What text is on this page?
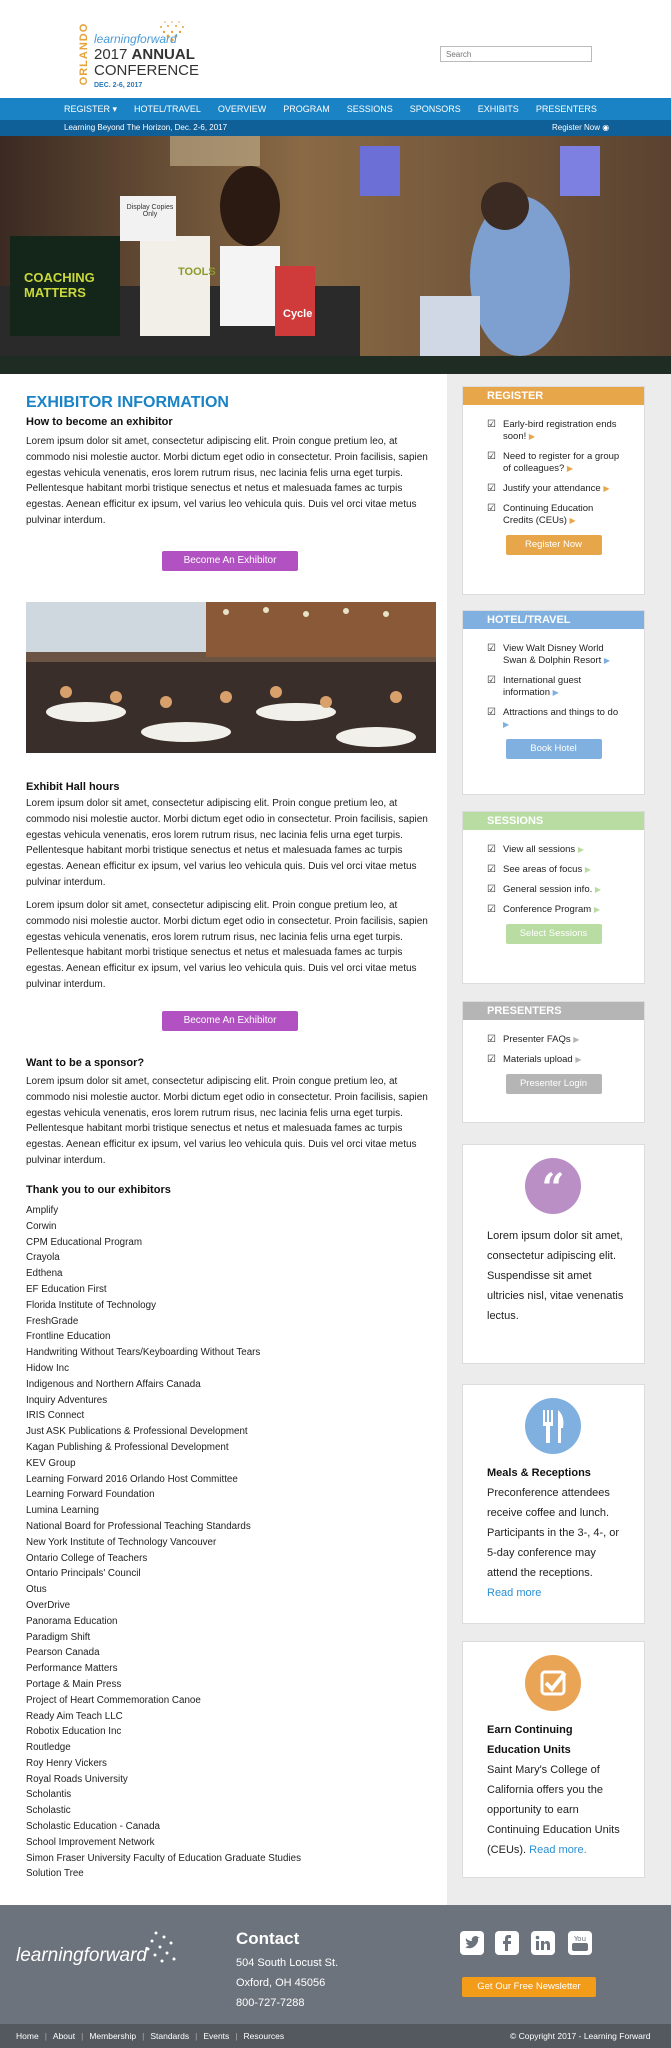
ORLANDO learningforward
2017 ANNUAL
CONFERENCE
DEC. 2-6, 2017
Search
REGISTER ▾ HOTEL/TRAVEL OVERVIEW PROGRAM SESSIONS SPONSORS EXHIBITS PRESENTERS
Learning Beyond The Horizon, Dec. 2-6, 2017	Register Now ◉
Display Copies Only
COACHING MATTERS
TOOLS
Cycle
EXHIBITOR INFORMATION
How to become an exhibitor

Lorem ipsum dolor sit amet, consectetur adipiscing elit. Proin congue pretium leo, at commodo nisi molestie auctor. Morbi dictum eget odio in consectetur. Proin facilisis, sapien egestas vehicula venenatis, eros lorem rutrum risus, nec lacinia felis urna eget turpis. Pellentesque habitant morbi tristique senectus et netus et malesuada fames ac turpis egestas. Aenean efficitur ex ipsum, vel varius leo vehicula quis. Duis vel orci vitae metus pulvinar interdum.

Become An Exhibitor
Exhibit Hall hours

Lorem ipsum dolor sit amet, consectetur adipiscing elit. Proin congue pretium leo, at commodo nisi molestie auctor. Morbi dictum eget odio in consectetur. Proin facilisis, sapien egestas vehicula venenatis, eros lorem rutrum risus, nec lacinia felis urna eget turpis. Pellentesque habitant morbi tristique senectus et netus et malesuada fames ac turpis egestas. Aenean efficitur ex ipsum, vel varius leo vehicula quis. Duis vel orci vitae metus pulvinar interdum.

Lorem ipsum dolor sit amet, consectetur adipiscing elit. Proin congue pretium leo, at commodo nisi molestie auctor. Morbi dictum eget odio in consectetur. Proin facilisis, sapien egestas vehicula venenatis, eros lorem rutrum risus, nec lacinia felis urna eget turpis. Pellentesque habitant morbi tristique senectus et netus et malesuada fames ac turpis egestas. Aenean efficitur ex ipsum, vel varius leo vehicula quis. Duis vel orci vitae metus pulvinar interdum.

Become An Exhibitor
Want to be a sponsor?

Lorem ipsum dolor sit amet, consectetur adipiscing elit. Proin congue pretium leo, at commodo nisi molestie auctor. Morbi dictum eget odio in consectetur. Proin facilisis, sapien egestas vehicula venenatis, eros lorem rutrum risus, nec lacinia felis urna eget turpis. Pellentesque habitant morbi tristique senectus et netus et malesuada fames ac turpis egestas. Aenean efficitur ex ipsum, vel varius leo vehicula quis. Duis vel orci vitae metus pulvinar interdum.

Thank you to our exhibitors
Amplify
Corwin
CPM Educational Program
Crayola
Edthena
EF Education First
Florida Institute of Technology
FreshGrade
Frontline Education
Handwriting Without Tears/Keyboarding Without Tears
Hidow Inc
Indigenous and Northern Affairs Canada
Inquiry Adventures
IRIS Connect
Just ASK Publications & Professional Development
Kagan Publishing & Professional Development
KEV Group
Learning Forward 2016 Orlando Host Committee
Learning Forward Foundation
Lumina Learning
National Board for Professional Teaching Standards
New York Institute of Technology Vancouver
Ontario College of Teachers
Ontario Principals' Council
Otus
OverDrive
Panorama Education
Paradigm Shift
Pearson Canada
Performance Matters
Portage & Main Press
Project of Heart Commemoration Canoe
Ready Aim Teach LLC
Robotix Education Inc
Routledge
Roy Henry Vickers
Royal Roads University
Scholantis
Scholastic
Scholastic Education - Canada
School Improvement Network
Simon Fraser University Faculty of Education Graduate Studies
Solution Tree
REGISTER
☑ Early-bird registration ends soon! ▶
☑ Need to register for a group of colleagues? ▶
☑ Justify your attendance ▶
☑ Continuing Education Credits (CEUs) ▶
Register Now
HOTEL/TRAVEL
☑ View Walt Disney World Swan & Dolphin Resort ▶
☑ International guest information ▶
☑ Attractions and things to do ▶
Book Hotel
SESSIONS
☑ View all sessions ▶
☑ See areas of focus ▶
☑ General session info. ▶
☑ Conference Program ▶
Select Sessions
PRESENTERS
☑ Presenter FAQs ▶
☑ Materials upload ▶
Presenter Login
“
Lorem ipsum dolor sit amet, consectetur adipiscing elit. Suspendisse sit amet ultricies nisl, vitae venenatis lectus.
Meals & Receptions
Preconference attendees receive coffee and lunch. Participants in the 3-, 4-, or 5-day conference may attend the receptions.
Read more
Earn Continuing Education Units
Saint Mary's College of California offers you the opportunity to earn Continuing Education Units (CEUs). Read more.
learningforward
Contact
504 South Locust St.
Oxford, OH 45056
800-727-7288
You
Get Our Free Newsletter
Home | About | Membership | Standards | Events | Resources	© Copyright 2017 - Learning Forward
